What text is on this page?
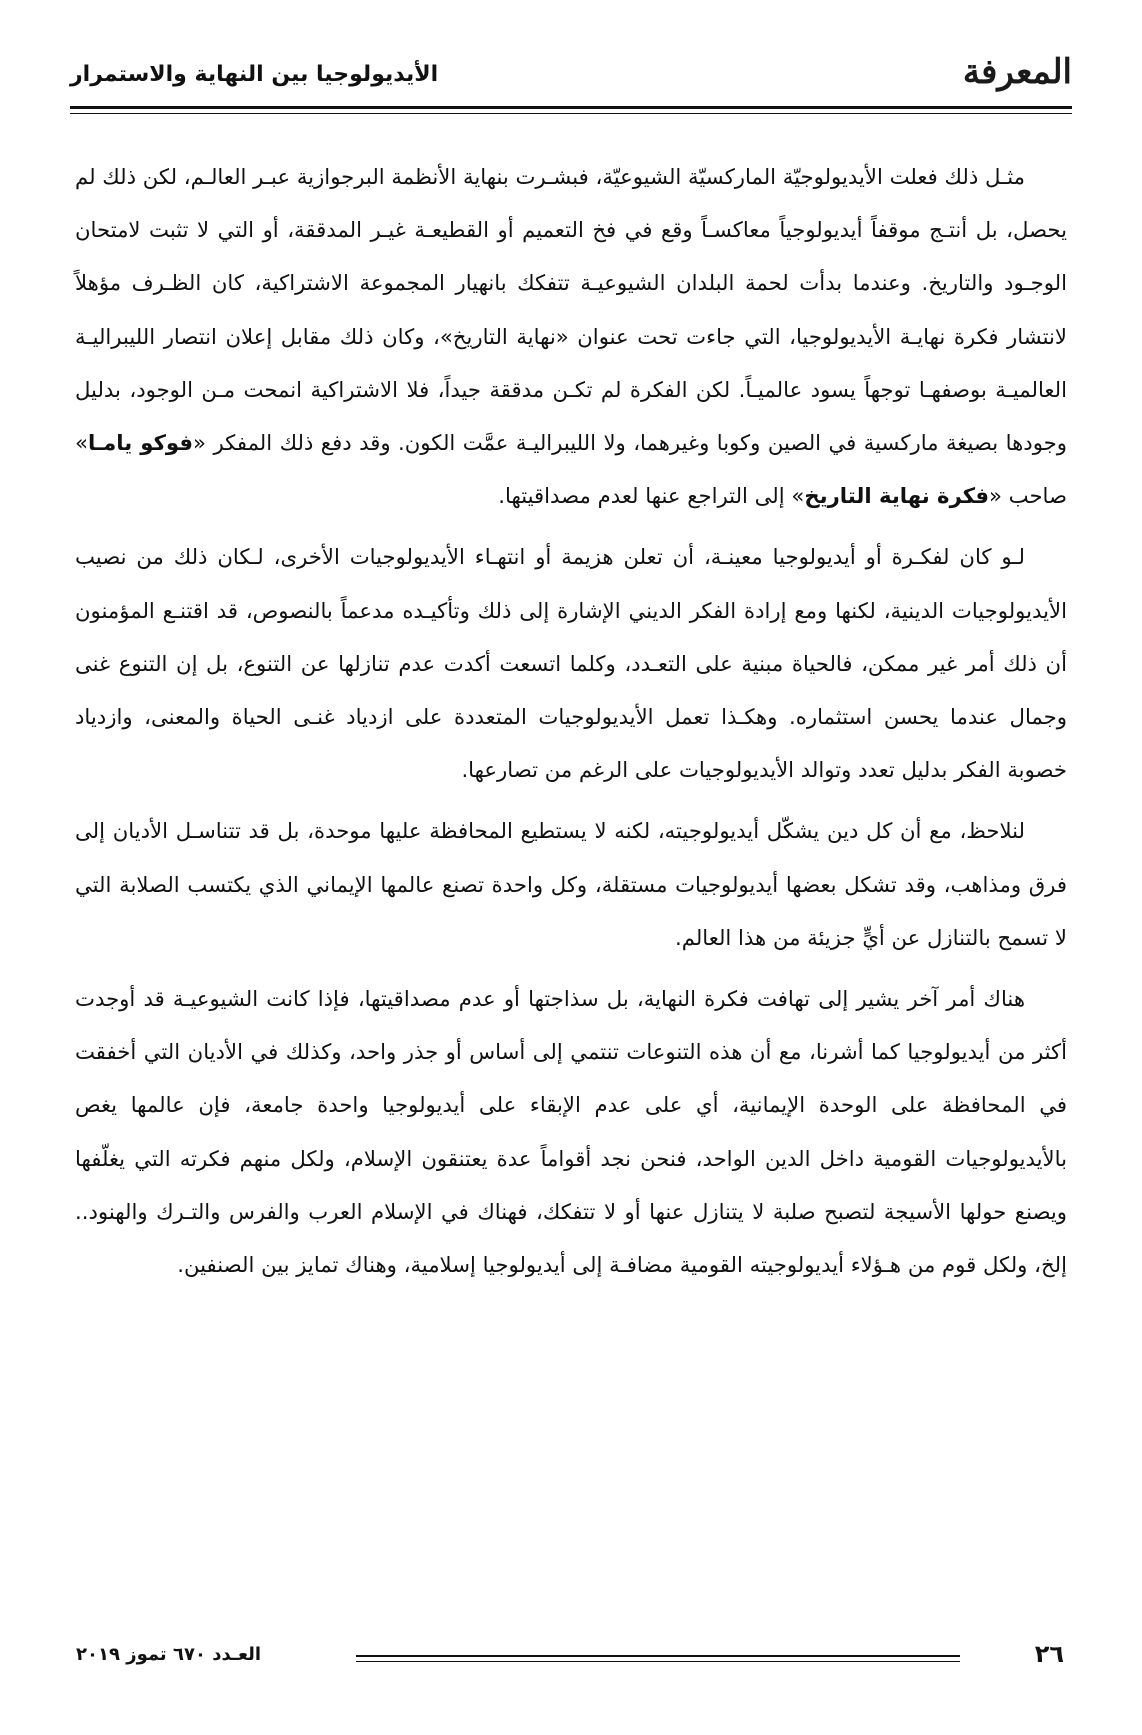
المعرفة
الأيديولوجيا بين النهاية والاستمرار

مثـل ذلك فعلت الأيديولوجيّة الماركسيّة الشيوعيّة، فبشـرت بنهاية الأنظمة البرجوازية عبـر العالـم، لكن ذلك لم يحصل، بل أنتـج موقفاً أيديولوجياً معاكسـاً وقع في فخ التعميم أو القطيعـة غيـر المدققة، أو التي لا تثبت لامتحان الوجـود والتاريخ. وعندما بدأت لحمة البلدان الشيوعيـة تتفكك بانهيار المجموعة الاشتراكية، كان الظـرف مؤهلاً لانتشار فكرة نهايـة الأيديولوجيا، التي جاءت تحت عنوان «نهاية التاريخ»، وكان ذلك مقابل إعلان انتصار الليبراليـة العالميـة بوصفهـا توجهاً يسود عالميـاً. لكن الفكرة لم تكـن مدققة جيداً، فلا الاشتراكية انمحت مـن الوجود، بدليل وجودها بصيغة ماركسية في الصين وكوبا وغيرهما، ولا الليبراليـة عمَّت الكون. وقد دفع ذلك المفكر «فوكو يامـا» صاحب «فكرة نهاية التاريخ» إلى التراجع عنها لعدم مصداقيتها.

لـو كان لفكـرة أو أيديولوجيا معينـة، أن تعلن هزيمة أو انتهـاء الأيديولوجيات الأخرى، لـكان ذلك من نصيب الأيديولوجيات الدينية، لكنها ومع إرادة الفكر الديني الإشارة إلى ذلك وتأكيـده مدعماً بالنصوص، قد اقتنـع المؤمنون أن ذلك أمر غير ممكن، فالحياة مبنية على التعـدد، وكلما اتسعت أكدت عدم تنازلها عن التنوع، بل إن التنوع غنى وجمال عندما يحسن استثماره. وهكـذا تعمل الأيديولوجيات المتعددة على ازدياد غنـى الحياة والمعنى، وازدياد خصوبة الفكر بدليل تعدد وتوالد الأيديولوجيات على الرغم من تصارعها.

لنلاحظ، مع أن كل دين يشكّل أيديولوجيته، لكنه لا يستطيع المحافظة عليها موحدة، بل قد تتناسـل الأديان إلى فرق ومذاهب، وقد تشكل بعضها أيديولوجيات مستقلة، وكل واحدة تصنع عالمها الإيماني الذي يكتسب الصلابة التي لا تسمح بالتنازل عن أيٍّ جزيئة من هذا العالم.

هناك أمر آخر يشير إلى تهافت فكرة النهاية، بل سذاجتها أو عدم مصداقيتها، فإذا كانت الشيوعيـة قد أوجدت أكثر من أيديولوجيا كما أشرنا، مع أن هذه التنوعات تنتمي إلى أساس أو جذر واحد، وكذلك في الأديان التي أخفقت في المحافظة على الوحدة الإيمانية، أي على عدم الإبقاء على أيديولوجيا واحدة جامعة، فإن عالمها يغص بالأيديولوجيات القومية داخل الدين الواحد، فنحن نجد أقواماً عدة يعتنقون الإسلام، ولكل منهم فكرته التي يغلّفها ويصنع حولها الأسيجة لتصبح صلبة لا يتنازل عنها أو لا تتفكك، فهناك في الإسلام العرب والفرس والتـرك والهنود.. إلخ، ولكل قوم من هـؤلاء أيديولوجيته القومية مضافـة إلى أيديولوجيا إسلامية، وهناك تمايز بين الصنفين.

العـدد ٦٧٠ تموز ٢٠١٩	٢٦
